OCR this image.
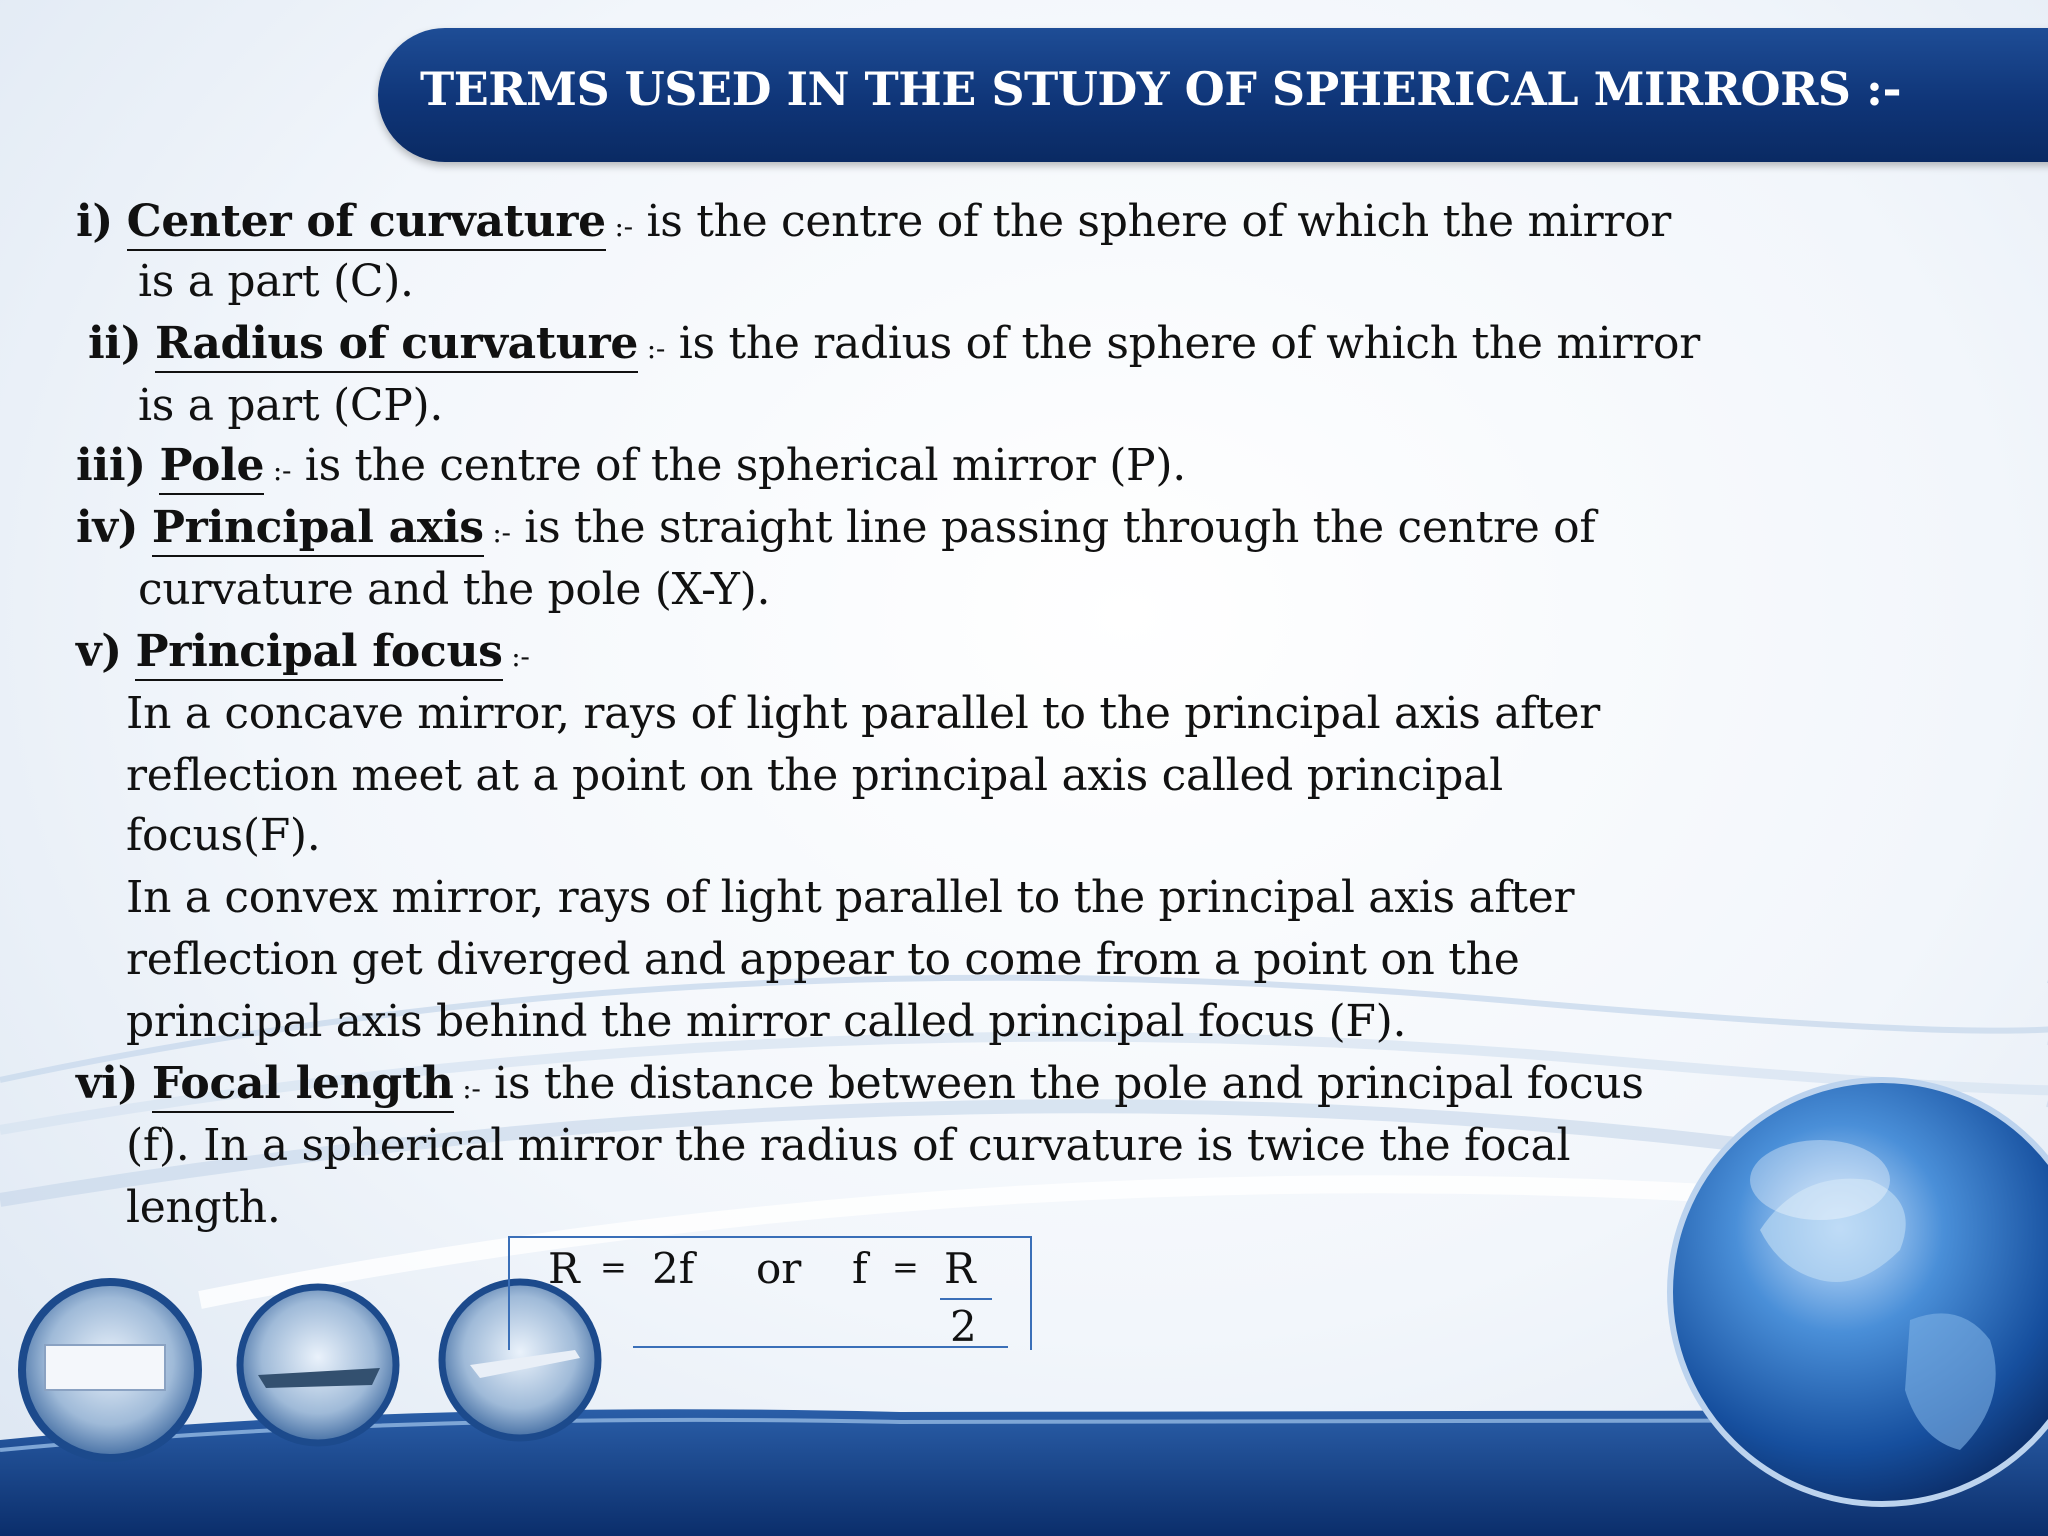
TERMS USED IN THE STUDY OF SPHERICAL MIRRORS :-
i) Center of curvature :- is the centre of the sphere of which the mirror
is a part (C).
ii) Radius of curvature :- is the radius of the sphere of which the mirror
is a part (CP).
iii) Pole :- is the centre of the spherical mirror (P).
iv) Principal axis :- is the straight line passing through the centre of
curvature and the pole (X-Y).
v) Principal focus :-
In a concave mirror, rays of light parallel to the principal axis after
reflection meet at a point on the principal axis called principal
focus(F).
In a convex mirror, rays of light parallel to the principal axis after
reflection get diverged and appear to come from a point on the
principal axis behind the mirror called principal focus (F).
vi) Focal length :- is the distance between the pole and principal focus
(f). In a spherical mirror the radius of curvature is twice the focal
length.
R = 2f or f = R
2
